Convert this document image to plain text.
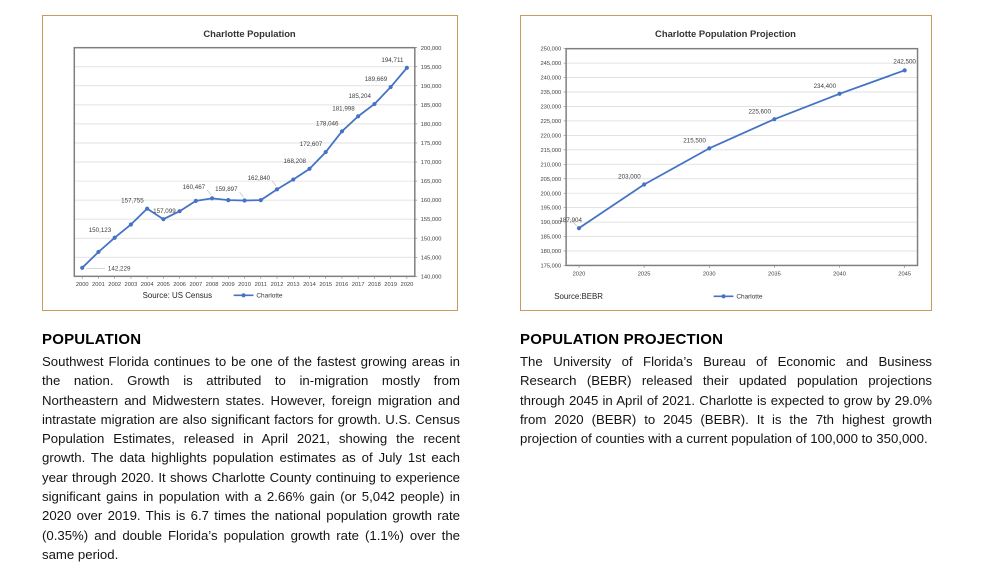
140,000
145,000
150,000
155,000
160,000
165,000
170,000
175,000
180,000
185,000
190,000
195,000
200,000
2000 2001 2002 2003 2004 2005 2006 2007 2008 2009 2010 2011 2012 2013 2014 2015 2016 2017 2018 2019 2020
142,229
150,123
157,755
157,099
160,467 159,897
162,840
168,208
172,607
178,046
181,998
185,204
189,669
194,711
Charlotte Population
Source: US Census	Charlotte
175,000
180,000
185,000
190,000
195,000
200,000
205,000
210,000
215,000
220,000
225,000
230,000
235,000
240,000
245,000
250,000
2020	2025	2030	2035	2040	2045
187,904
203,000
215,500
225,600
234,400
242,500
Charlotte Population Projection
Source:BEBR	Charlotte
POPULATION

Southwest Florida continues to be one of the fastest growing areas in the nation. Growth is attributed to in-migration mostly from Northeastern and Midwestern states. However, foreign migration and intrastate migration are also significant factors for growth. U.S. Census Population Estimates, released in April 2021, showing the recent growth. The data highlights population estimates as of July 1st each year through 2020. It shows Charlotte County continuing to experience significant gains in population with a 2.66% gain (or 5,042 people) in 2020 over 2019. This is 6.7 times the national population growth rate (0.35%) and double Florida’s population growth rate (1.1%) over the same period.

POPULATION PROJECTION

The University of Florida’s Bureau of Economic and Business Research (BEBR) released their updated population projections through 2045 in April of 2021. Charlotte is expected to grow by 29.0% from 2020 (BEBR) to 2045 (BEBR). It is the 7th highest growth projection of counties with a current population of 100,000 to 350,000.
